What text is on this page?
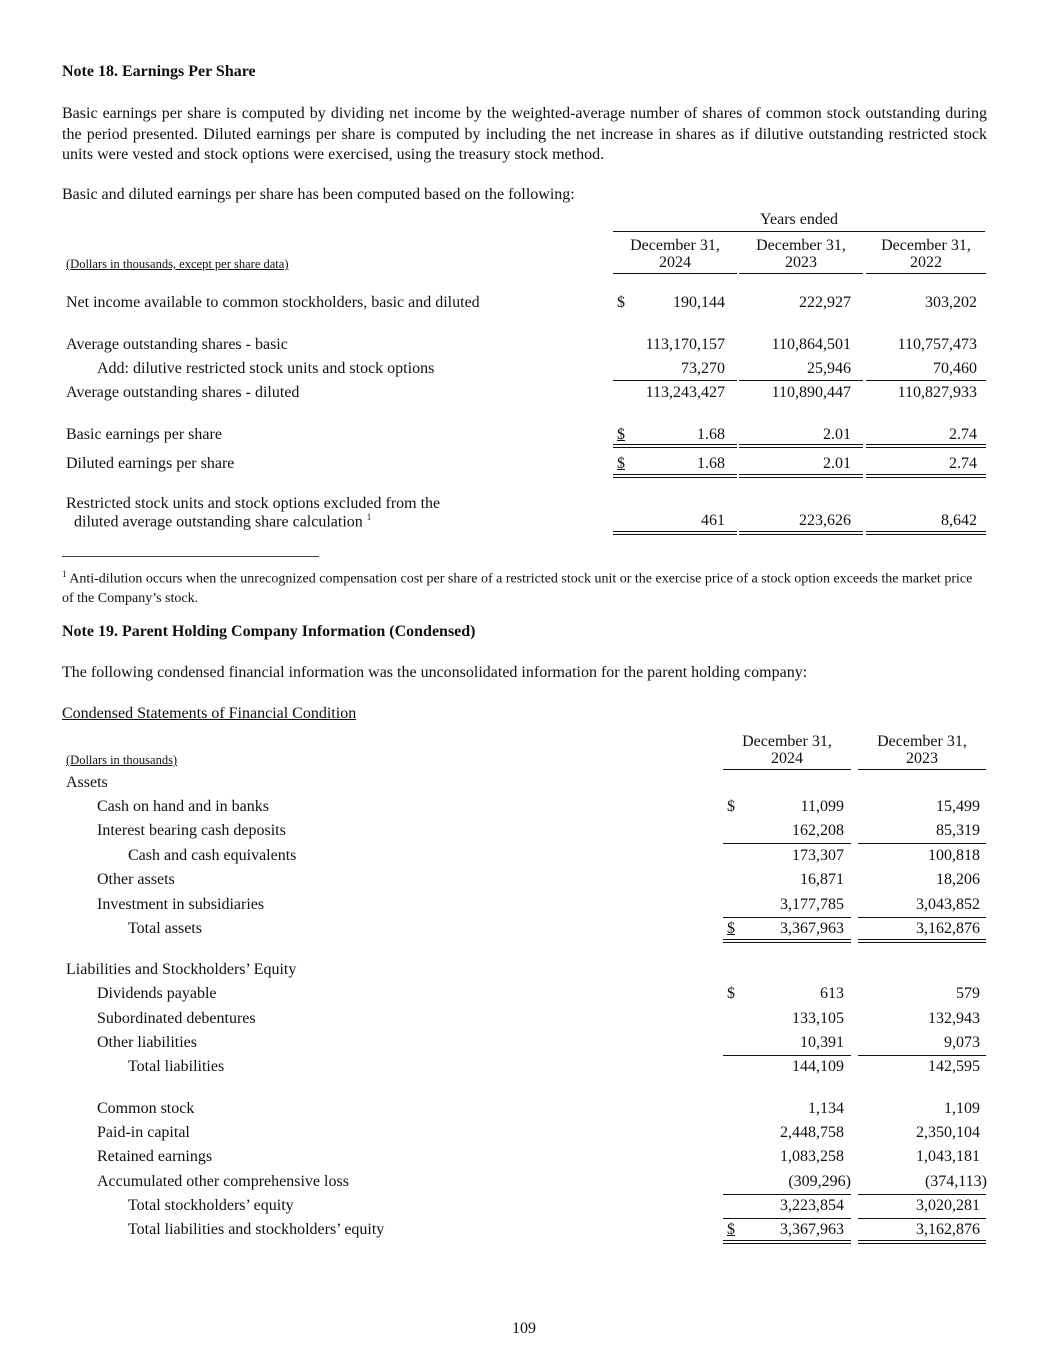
Note 18. Earnings Per Share
Basic earnings per share is computed by dividing net income by the weighted-average number of shares of common stock outstanding during the period presented. Diluted earnings per share is computed by including the net increase in shares as if dilutive outstanding restricted stock units were vested and stock options were exercised, using the treasury stock method.
Basic and diluted earnings per share has been computed based on the following:
Years ended
(Dollars in thousands, except per share data)
December 31,
2024
December 31,
2023
December 31,
2022
Net income available to common stockholders, basic and diluted	$	190,144	222,927	303,202
Average outstanding shares - basic	113,170,157	110,864,501	110,757,473
Add: dilutive restricted stock units and stock options	73,270	25,946	70,460
Average outstanding shares - diluted	113,243,427	110,890,447	110,827,933
Basic earnings per share	$	1.68	2.01	2.74
Diluted earnings per share	$	1.68	2.01	2.74
Restricted stock units and stock options excluded from the
diluted average outstanding share calculation $^1$	461	223,626	8,642
$^1$ Anti-dilution occurs when the unrecognized compensation cost per share of a restricted stock unit or the exercise price of a stock option exceeds the market price of the Company’s stock.
Note 19. Parent Holding Company Information (Condensed)
The following condensed financial information was the unconsolidated information for the parent holding company:
Condensed Statements of Financial Condition
(Dollars in thousands)
December 31,
2024
December 31,
2023
Assets
Cash on hand and in banks	$	11,099	15,499
Interest bearing cash deposits	162,208	85,319
Cash and cash equivalents	173,307	100,818
Other assets	16,871	18,206
Investment in subsidiaries	3,177,785	3,043,852
Total assets	$	3,367,963	3,162,876
Liabilities and Stockholders’ Equity
Dividends payable	$	613	579
Subordinated debentures	133,105	132,943
Other liabilities	10,391	9,073
Total liabilities	144,109	142,595
Common stock	1,134	1,109
Paid-in capital	2,448,758	2,350,104
Retained earnings	1,083,258	1,043,181
Accumulated other comprehensive loss	(309,296)	(374,113)
Total stockholders’ equity	3,223,854	3,020,281
Total liabilities and stockholders’ equity	$	3,367,963	3,162,876
109
